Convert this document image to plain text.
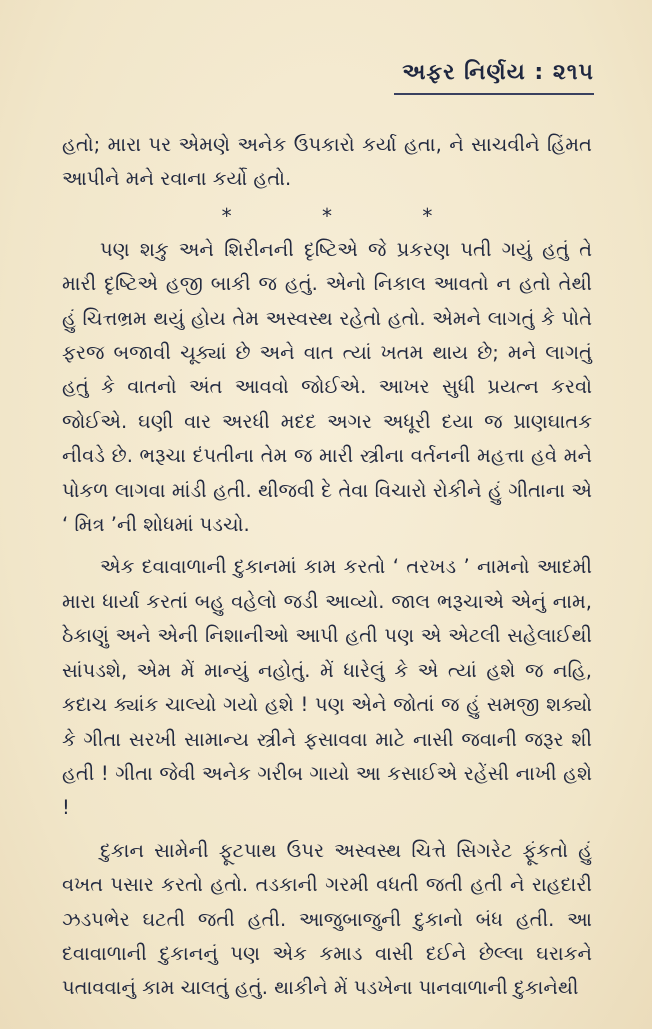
અફર નિર્ણય : ૨૧૫

હતો; મારા પર એમણે અનેક ઉપકારો કર્યા હતા, ને સાચવીને હિંમત આપીને મને રવાના કર્યો હતો.

* * *

પણ શકુ અને શિરીનની દૃષ્ટિએ જે પ્રકરણ પતી ગયું હતું તે મારી દૃષ્ટિએ હજી બાકી જ હતું. એનો નિકાલ આવતો ન હતો તેથી હું ચિત્તભ્રમ થયું હોય તેમ અસ્વસ્થ રહેતો હતો. એમને લાગતું કે પોતે ફરજ બજાવી ચૂક્યાં છે અને વાત ત્યાં ખતમ થાય છે; મને લાગતું હતું કે વાતનો અંત આવવો જોઈએ. આખર સુધી પ્રયત્ન કરવો જોઈએ. ઘણી વાર અરધી મદદ અગર અધૂરી દયા જ પ્રાણઘાતક નીવડે છે. ભરૂચા દંપતીના તેમ જ મારી સ્ત્રીના વર્તનની મહત્તા હવે મને પોકળ લાગવા માંડી હતી. થીજવી દે તેવા વિચારો રોકીને હું ગીતાના એ ‘ મિત્ર ’ની શોધમાં પડચો.

એક દવાવાળાની દુકાનમાં કામ કરતો ‘ તરખડ ’ નામનો આદમી મારા ધાર્યા કરતાં બહુ વહેલો જડી આવ્યો. જાલ ભરૂચાએ એનું નામ, ઠેકાણું અને એની નિશાનીઓ આપી હતી પણ એ એટલી સહેલાઈથી સાંપડશે, એમ મેં માન્યું નહોતું. મેં ધારેલું કે એ ત્યાં હશે જ નહિ, કદાચ ક્યાંક ચાલ્યો ગયો હશે ! પણ એને જોતાં જ હું સમજી શક્યો કે ગીતા સરખી સામાન્ય સ્ત્રીને ફસાવવા માટે નાસી જવાની જરૂર શી હતી ! ગીતા જેવી અનેક ગરીબ ગાયો આ કસાઈએ રહેંસી નાખી હશે !

દુકાન સામેની ફૂટપાથ ઉપર અસ્વસ્થ ચિત્તે સિગરેટ ફૂંકતો હું વખત પસાર કરતો હતો. તડકાની ગરમી વધતી જતી હતી ને રાહદારી ઝડપભેર ઘટતી જતી હતી. આજુબાજુની દુકાનો બંધ હતી. આ દવાવાળાની દુકાનનું પણ એક કમાડ વાસી દઈને છેલ્લા ઘરાકને પતાવવાનું કામ ચાલતું હતું. થાકીને મેં પડખેના પાનવાળાની દુકાનેથી
